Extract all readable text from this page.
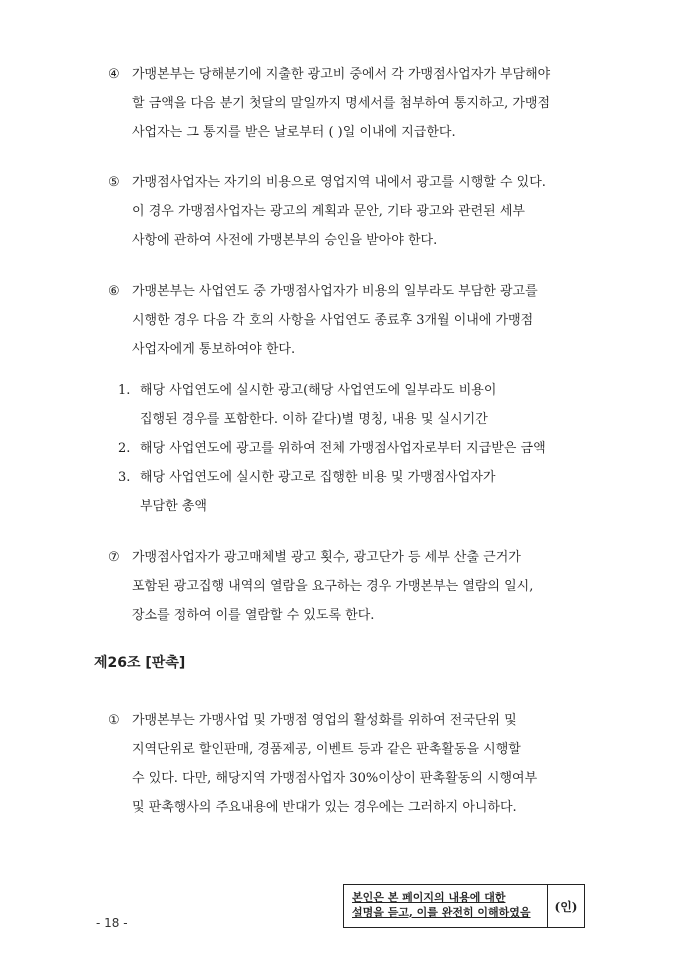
④ 가맹본부는 당해분기에 지출한 광고비 중에서 각 가맹점사업자가 부담해야
할 금액을 다음 분기 첫달의 말일까지 명세서를 첨부하여 통지하고, 가맹점
사업자는 그 통지를 받은 날로부터 ( )일 이내에 지급한다.
⑤ 가맹점사업자는 자기의 비용으로 영업지역 내에서 광고를 시행할 수 있다.
이 경우 가맹점사업자는 광고의 계획과 문안, 기타 광고와 관련된 세부
사항에 관하여 사전에 가맹본부의 승인을 받아야 한다.
⑥ 가맹본부는 사업연도 중 가맹점사업자가 비용의 일부라도 부담한 광고를
시행한 경우 다음 각 호의 사항을 사업연도 종료후 3개월 이내에 가맹점
사업자에게 통보하여야 한다.
1. 해당 사업연도에 실시한 광고(해당 사업연도에 일부라도 비용이
집행된 경우를 포함한다. 이하 같다)별 명칭, 내용 및 실시기간
2. 해당 사업연도에 광고를 위하여 전체 가맹점사업자로부터 지급받은 금액
3. 해당 사업연도에 실시한 광고로 집행한 비용 및 가맹점사업자가
부담한 총액
⑦ 가맹점사업자가 광고매체별 광고 횟수, 광고단가 등 세부 산출 근거가
포함된 광고집행 내역의 열람을 요구하는 경우 가맹본부는 열람의 일시,
장소를 정하여 이를 열람할 수 있도록 한다.
제26조 [판촉]
① 가맹본부는 가맹사업 및 가맹점 영업의 활성화를 위하여 전국단위 및
지역단위로 할인판매, 경품제공, 이벤트 등과 같은 판촉활동을 시행할
수 있다. 다만, 해당지역 가맹점사업자 30%이상이 판촉활동의 시행여부
및 판촉행사의 주요내용에 반대가 있는 경우에는 그러하지 아니하다.
- 18 -
본인은 본 페이지의 내용에 대한
설명을 듣고, 이를 완전히 이해하였음	(인)
